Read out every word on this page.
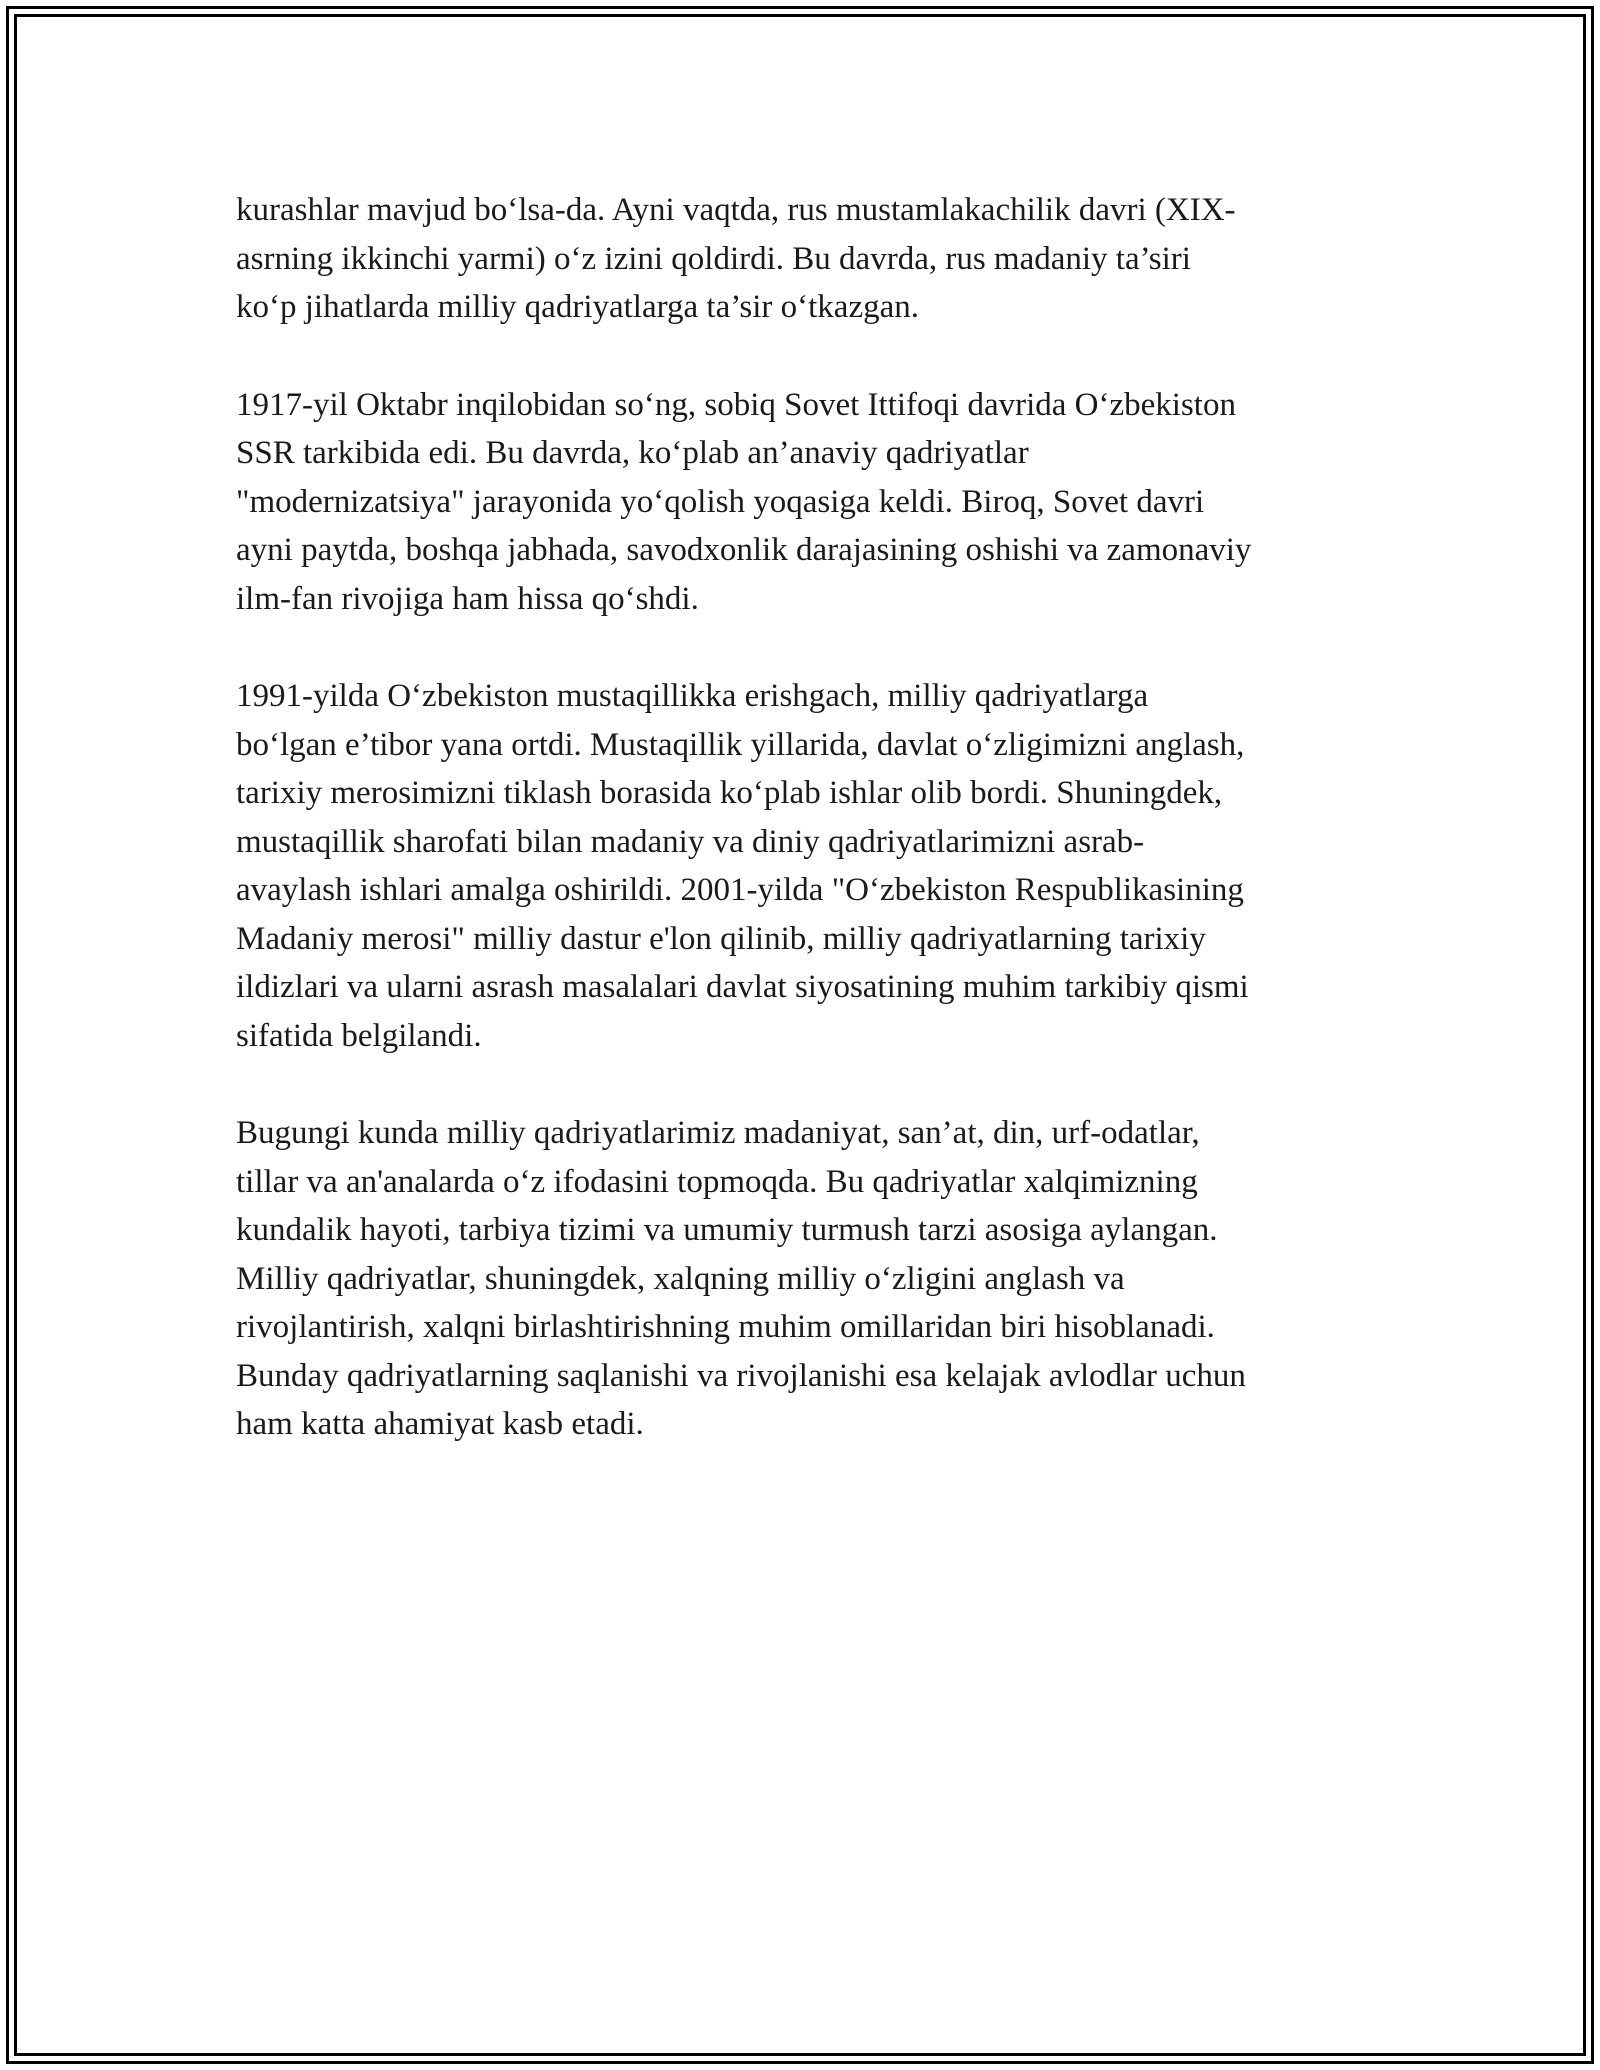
kurashlar mavjud bo‘lsa-da. Ayni vaqtda, rus mustamlakachilik davri (XIX-
asrning ikkinchi yarmi) o‘z izini qoldirdi. Bu davrda, rus madaniy ta’siri
ko‘p jihatlarda milliy qadriyatlarga ta’sir o‘tkazgan.

1917-yil Oktabr inqilobidan so‘ng, sobiq Sovet Ittifoqi davrida O‘zbekiston
SSR tarkibida edi. Bu davrda, ko‘plab an’anaviy qadriyatlar
"modernizatsiya" jarayonida yo‘qolish yoqasiga keldi. Biroq, Sovet davri
ayni paytda, boshqa jabhada, savodxonlik darajasining oshishi va zamonaviy
ilm-fan rivojiga ham hissa qo‘shdi.

1991-yilda O‘zbekiston mustaqillikka erishgach, milliy qadriyatlarga
bo‘lgan e’tibor yana ortdi. Mustaqillik yillarida, davlat o‘zligimizni anglash,
tarixiy merosimizni tiklash borasida ko‘plab ishlar olib bordi. Shuningdek,
mustaqillik sharofati bilan madaniy va diniy qadriyatlarimizni asrab-
avaylash ishlari amalga oshirildi. 2001-yilda "O‘zbekiston Respublikasining
Madaniy merosi" milliy dastur e'lon qilinib, milliy qadriyatlarning tarixiy
ildizlari va ularni asrash masalalari davlat siyosatining muhim tarkibiy qismi
sifatida belgilandi.

Bugungi kunda milliy qadriyatlarimiz madaniyat, san’at, din, urf-odatlar,
tillar va an'analarda o‘z ifodasini topmoqda. Bu qadriyatlar xalqimizning
kundalik hayoti, tarbiya tizimi va umumiy turmush tarzi asosiga aylangan.
Milliy qadriyatlar, shuningdek, xalqning milliy o‘zligini anglash va
rivojlantirish, xalqni birlashtirishning muhim omillaridan biri hisoblanadi.
Bunday qadriyatlarning saqlanishi va rivojlanishi esa kelajak avlodlar uchun
ham katta ahamiyat kasb etadi.
